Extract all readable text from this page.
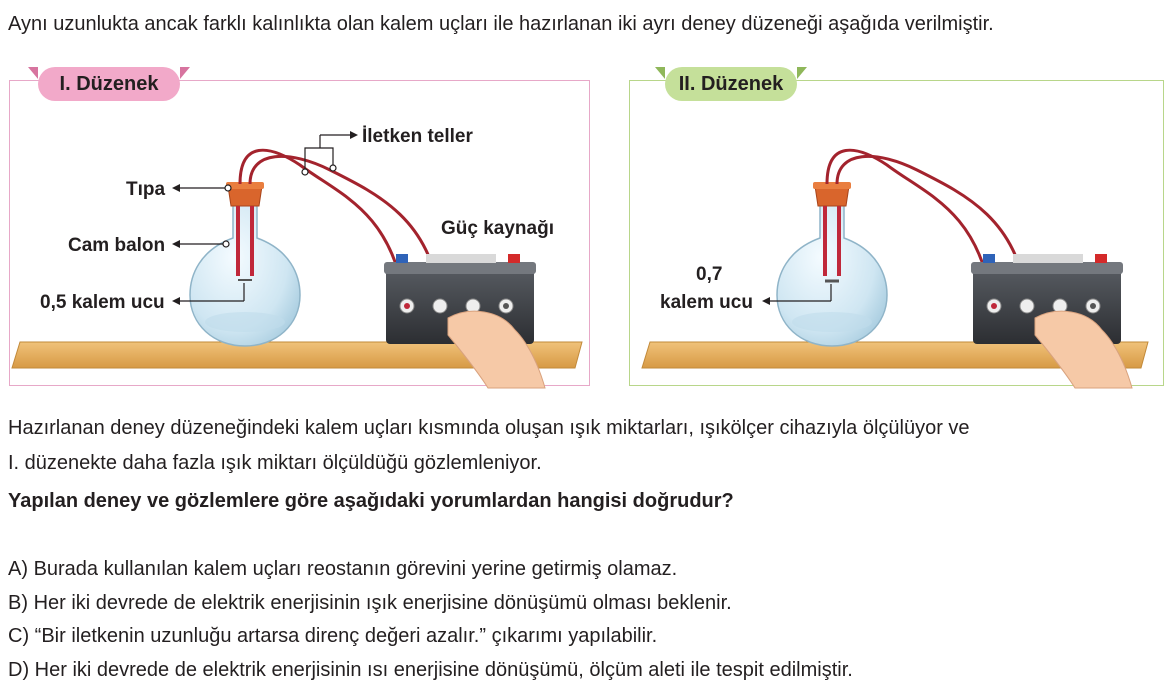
Aynı uzunlukta ancak farklı kalınlıkta olan kalem uçları ile hazırlanan iki ayrı deney düzeneği aşağıda verilmiştir.
I. Düzenek	II. Düzenek
İletken teller
Tıpa
Cam balon
0,5 kalem ucu
Güç kaynağı
0,7
kalem ucu
Hazırlanan deney düzeneğindeki kalem uçları kısmında oluşan ışık miktarları, ışıkölçer cihazıyla ölçülüyor ve
I. düzenekte daha fazla ışık miktarı ölçüldüğü gözlemleniyor.
Yapılan deney ve gözlemlere göre aşağıdaki yorumlardan hangisi doğrudur?
A) Burada kullanılan kalem uçları reostanın görevini yerine getirmiş olamaz.
B) Her iki devrede de elektrik enerjisinin ışık enerjisine dönüşümü olması beklenir.
C) “Bir iletkenin uzunluğu artarsa direnç değeri azalır.” çıkarımı yapılabilir.
D) Her iki devrede de elektrik enerjisinin ısı enerjisine dönüşümü, ölçüm aleti ile tespit edilmiştir.
